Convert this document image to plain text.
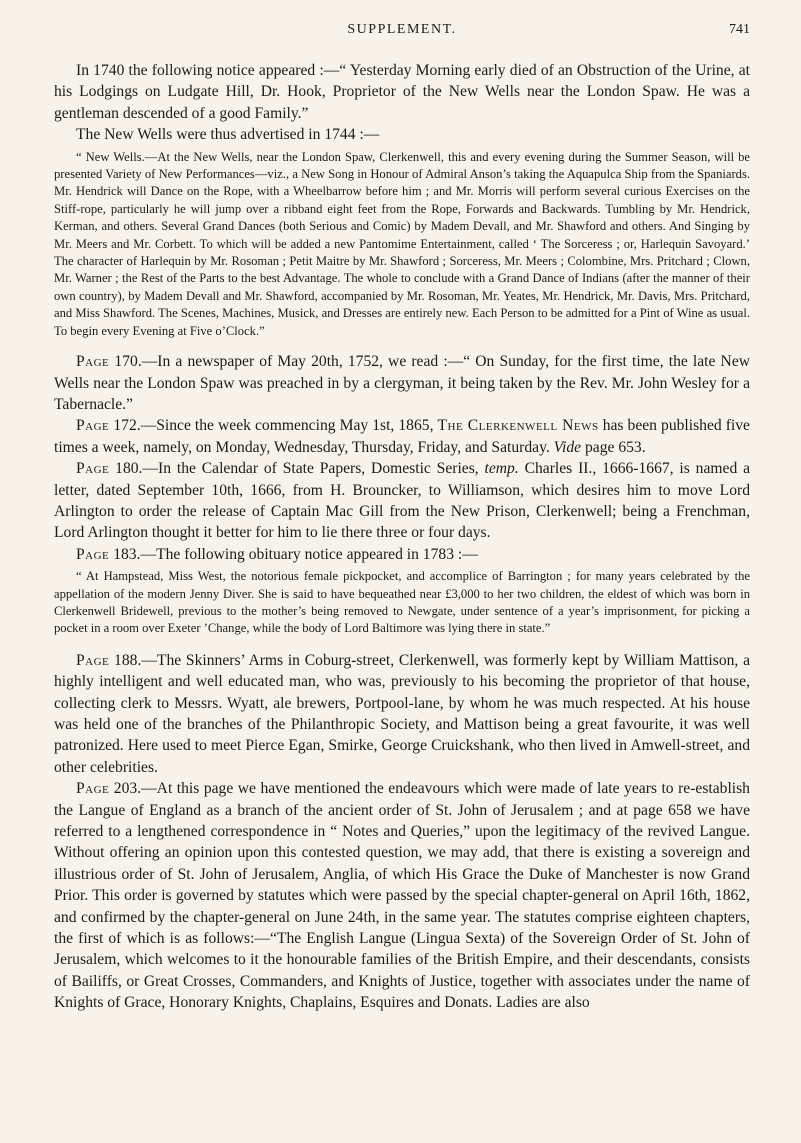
SUPPLEMENT.	741

In 1740 the following notice appeared :—“ Yesterday Morning early died of an Obstruction of the Urine, at his Lodgings on Ludgate Hill, Dr. Hook, Proprietor of the New Wells near the London Spaw. He was a gentleman descended of a good Family.”

The New Wells were thus advertised in 1744 :—

“ New Wells.—At the New Wells, near the London Spaw, Clerkenwell, this and every evening during the Summer Season, will be presented Variety of New Performances—viz., a New Song in Honour of Admiral Anson’s taking the Aquapulca Ship from the Spaniards. Mr. Hendrick will Dance on the Rope, with a Wheelbarrow before him ; and Mr. Morris will perform several curious Exercises on the Stiff-rope, particularly he will jump over a ribband eight feet from the Rope, Forwards and Backwards. Tumbling by Mr. Hendrick, Kerman, and others. Several Grand Dances (both Serious and Comic) by Madem Devall, and Mr. Shawford and others. And Singing by Mr. Meers and Mr. Corbett. To which will be added a new Pantomime Entertainment, called ‘ The Sorceress ; or, Harlequin Savoyard.’ The character of Harlequin by Mr. Rosoman ; Petit Maitre by Mr. Shawford ; Sorceress, Mr. Meers ; Colombine, Mrs. Pritchard ; Clown, Mr. Warner ; the Rest of the Parts to the best Advantage. The whole to conclude with a Grand Dance of Indians (after the manner of their own country), by Madem Devall and Mr. Shawford, accompanied by Mr. Rosoman, Mr. Yeates, Mr. Hendrick, Mr. Davis, Mrs. Pritchard, and Miss Shawford. The Scenes, Machines, Musick, and Dresses are entirely new. Each Person to be admitted for a Pint of Wine as usual. To begin every Evening at Five o’Clock.”

Page 170.—In a newspaper of May 20th, 1752, we read :—“ On Sunday, for the first time, the late New Wells near the London Spaw was preached in by a clergyman, it being taken by the Rev. Mr. John Wesley for a Tabernacle.”

Page 172.—Since the week commencing May 1st, 1865, The Clerkenwell News has been published five times a week, namely, on Monday, Wednesday, Thursday, Friday, and Saturday. Vide page 653.

Page 180.—In the Calendar of State Papers, Domestic Series, temp. Charles II., 1666-1667, is named a letter, dated September 10th, 1666, from H. Brouncker, to Williamson, which desires him to move Lord Arlington to order the release of Captain Mac Gill from the New Prison, Clerkenwell; being a Frenchman, Lord Arlington thought it better for him to lie there three or four days.

Page 183.—The following obituary notice appeared in 1783 :—

“ At Hampstead, Miss West, the notorious female pickpocket, and accomplice of Barrington ; for many years celebrated by the appellation of the modern Jenny Diver. She is said to have bequeathed near £3,000 to her two children, the eldest of which was born in Clerkenwell Bridewell, previous to the mother’s being removed to Newgate, under sentence of a year’s imprisonment, for picking a pocket in a room over Exeter ’Change, while the body of Lord Baltimore was lying there in state.”

Page 188.—The Skinners’ Arms in Coburg-street, Clerkenwell, was formerly kept by William Mattison, a highly intelligent and well educated man, who was, previously to his becoming the proprietor of that house, collecting clerk to Messrs. Wyatt, ale brewers, Portpool-lane, by whom he was much respected. At his house was held one of the branches of the Philanthropic Society, and Mattison being a great favourite, it was well patronized. Here used to meet Pierce Egan, Smirke, George Cruickshank, who then lived in Amwell-street, and other celebrities.

Page 203.—At this page we have mentioned the endeavours which were made of late years to re-establish the Langue of England as a branch of the ancient order of St. John of Jerusalem ; and at page 658 we have referred to a lengthened correspondence in “ Notes and Queries,” upon the legitimacy of the revived Langue. Without offering an opinion upon this contested question, we may add, that there is existing a sovereign and illustrious order of St. John of Jerusalem, Anglia, of which His Grace the Duke of Manchester is now Grand Prior. This order is governed by statutes which were passed by the special chapter-general on April 16th, 1862, and confirmed by the chapter-general on June 24th, in the same year. The statutes comprise eighteen chapters, the first of which is as follows:—“The English Langue (Lingua Sexta) of the Sovereign Order of St. John of Jerusalem, which welcomes to it the honourable families of the British Empire, and their descendants, consists of Bailiffs, or Great Crosses, Commanders, and Knights of Justice, together with associates under the name of Knights of Grace, Honorary Knights, Chaplains, Esquires and Donats. Ladies are also
